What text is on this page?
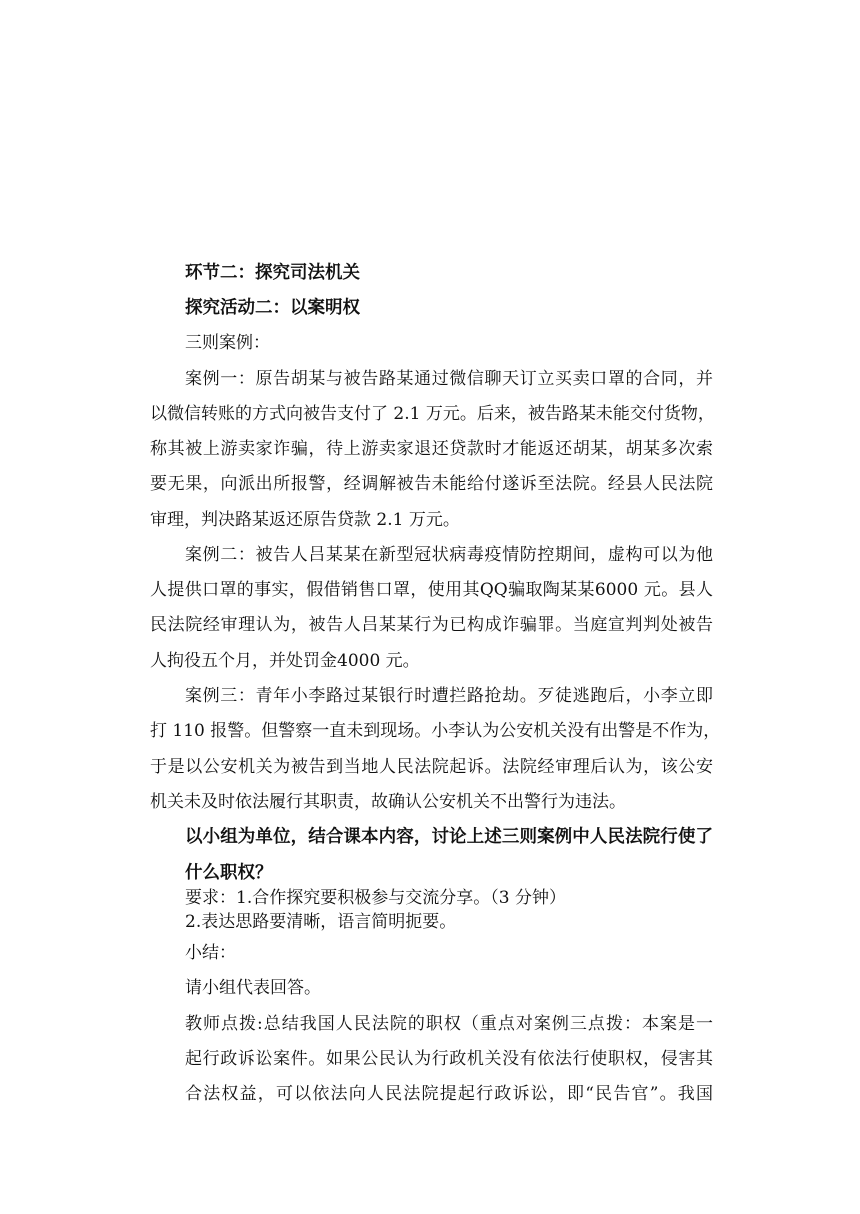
环节二：探究司法机关
探究活动二：以案明权
三则案例：
案例一：原告胡某与被告路某通过微信聊天订立买卖口罩的合同，并
以微信转账的方式向被告支付了 2.1 万元。后来，被告路某未能交付货物，
称其被上游卖家诈骗，待上游卖家退还贷款时才能返还胡某，胡某多次索
要无果，向派出所报警，经调解被告未能给付遂诉至法院。经县人民法院
审理，判决路某返还原告贷款 2.1 万元。
案例二：被告人吕某某在新型冠状病毒疫情防控期间，虚构可以为他
人提供口罩的事实，假借销售口罩，使用其QQ骗取陶某某6000 元。县人
民法院经审理认为，被告人吕某某行为已构成诈骗罪。当庭宣判判处被告
人拘役五个月，并处罚金4000 元。
案例三：青年小李路过某银行时遭拦路抢劫。歹徒逃跑后，小李立即
打 110 报警。但警察一直未到现场。小李认为公安机关没有出警是不作为，
于是以公安机关为被告到当地人民法院起诉。法院经审理后认为，该公安
机关未及时依法履行其职责，故确认公安机关不出警行为违法。
以小组为单位，结合课本内容，讨论上述三则案例中人民法院行使了
什么职权？
要求：1.合作探究要积极参与交流分享。（3 分钟）
2.表达思路要清晰，语言简明扼要。
小结：
请小组代表回答。
教师点拨:总结我国人民法院的职权（重点对案例三点拨：本案是一
起行政诉讼案件。如果公民认为行政机关没有依法行使职权，侵害其
合法权益，可以依法向人民法院提起行政诉讼，即“民告官”。我国
